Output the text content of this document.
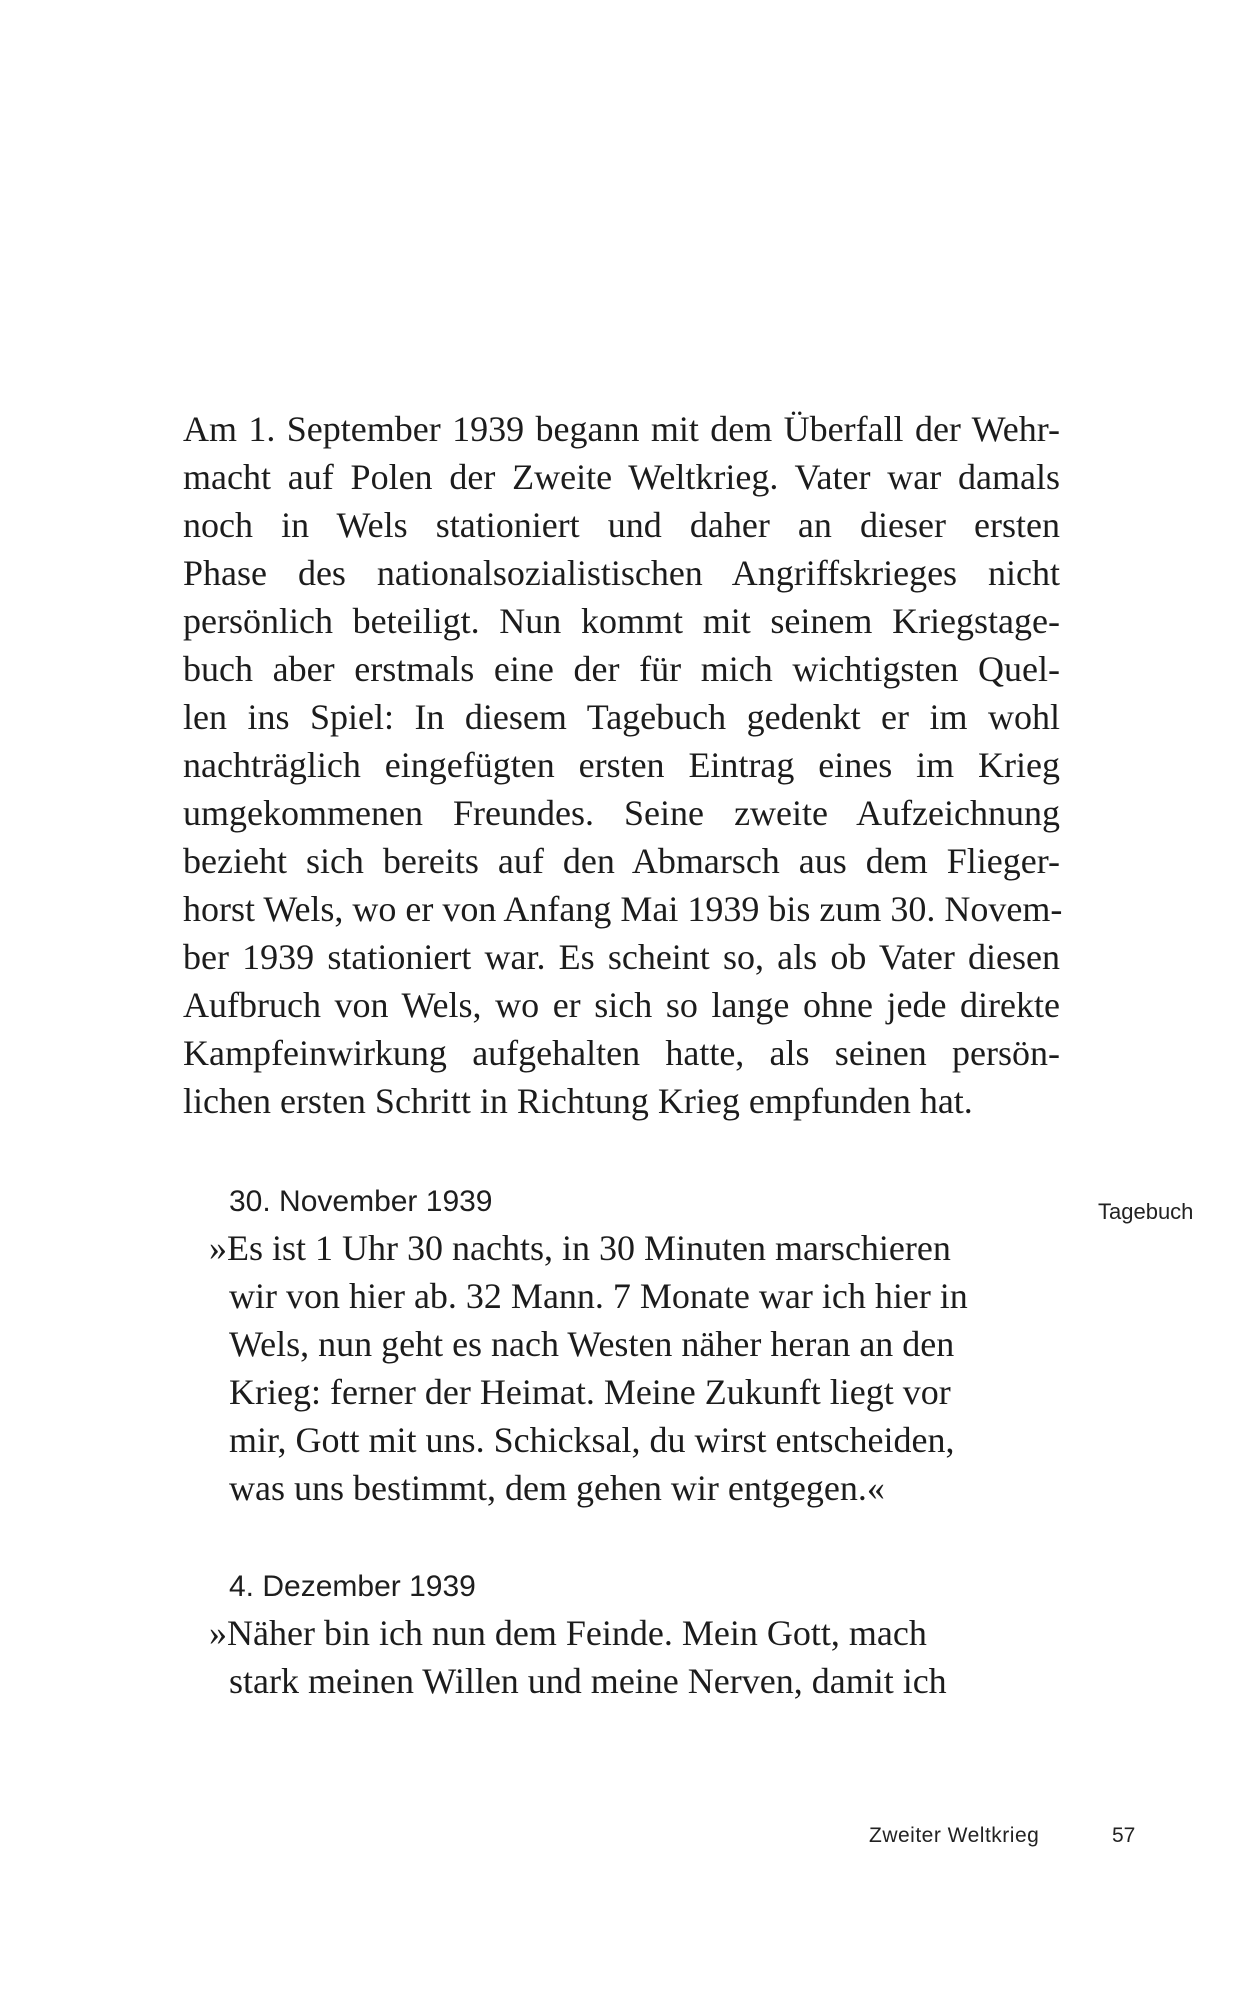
Am 1. September 1939 begann mit dem Überfall der Wehr-
macht auf Polen der Zweite Weltkrieg. Vater war damals
noch in Wels stationiert und daher an dieser ersten
Phase des nationalsozialistischen Angriffskrieges nicht
persönlich beteiligt. Nun kommt mit seinem Kriegstage-
buch aber erstmals eine der für mich wichtigsten Quel-
len ins Spiel: In diesem Tagebuch gedenkt er im wohl
nachträglich eingefügten ersten Eintrag eines im Krieg
umgekommenen Freundes. Seine zweite Aufzeichnung
bezieht sich bereits auf den Abmarsch aus dem Flieger-
horst Wels, wo er von Anfang Mai 1939 bis zum 30. Novem-
ber 1939 stationiert war. Es scheint so, als ob Vater diesen
Aufbruch von Wels, wo er sich so lange ohne jede direkte
Kampfeinwirkung aufgehalten hatte, als seinen persön-
lichen ersten Schritt in Richtung Krieg empfunden hat.
Tagebuch
30. November 1939
»Es ist 1 Uhr 30 nachts, in 30 Minuten marschieren
wir von hier ab. 32 Mann. 7 Monate war ich hier in
Wels, nun geht es nach Westen näher heran an den
Krieg: ferner der Heimat. Meine Zukunft liegt vor
mir, Gott mit uns. Schicksal, du wirst entscheiden,
was uns bestimmt, dem gehen wir entgegen.«
4. Dezember 1939
»Näher bin ich nun dem Feinde. Mein Gott, mach
stark meinen Willen und meine Nerven, damit ich
Zweiter Weltkrieg	57
